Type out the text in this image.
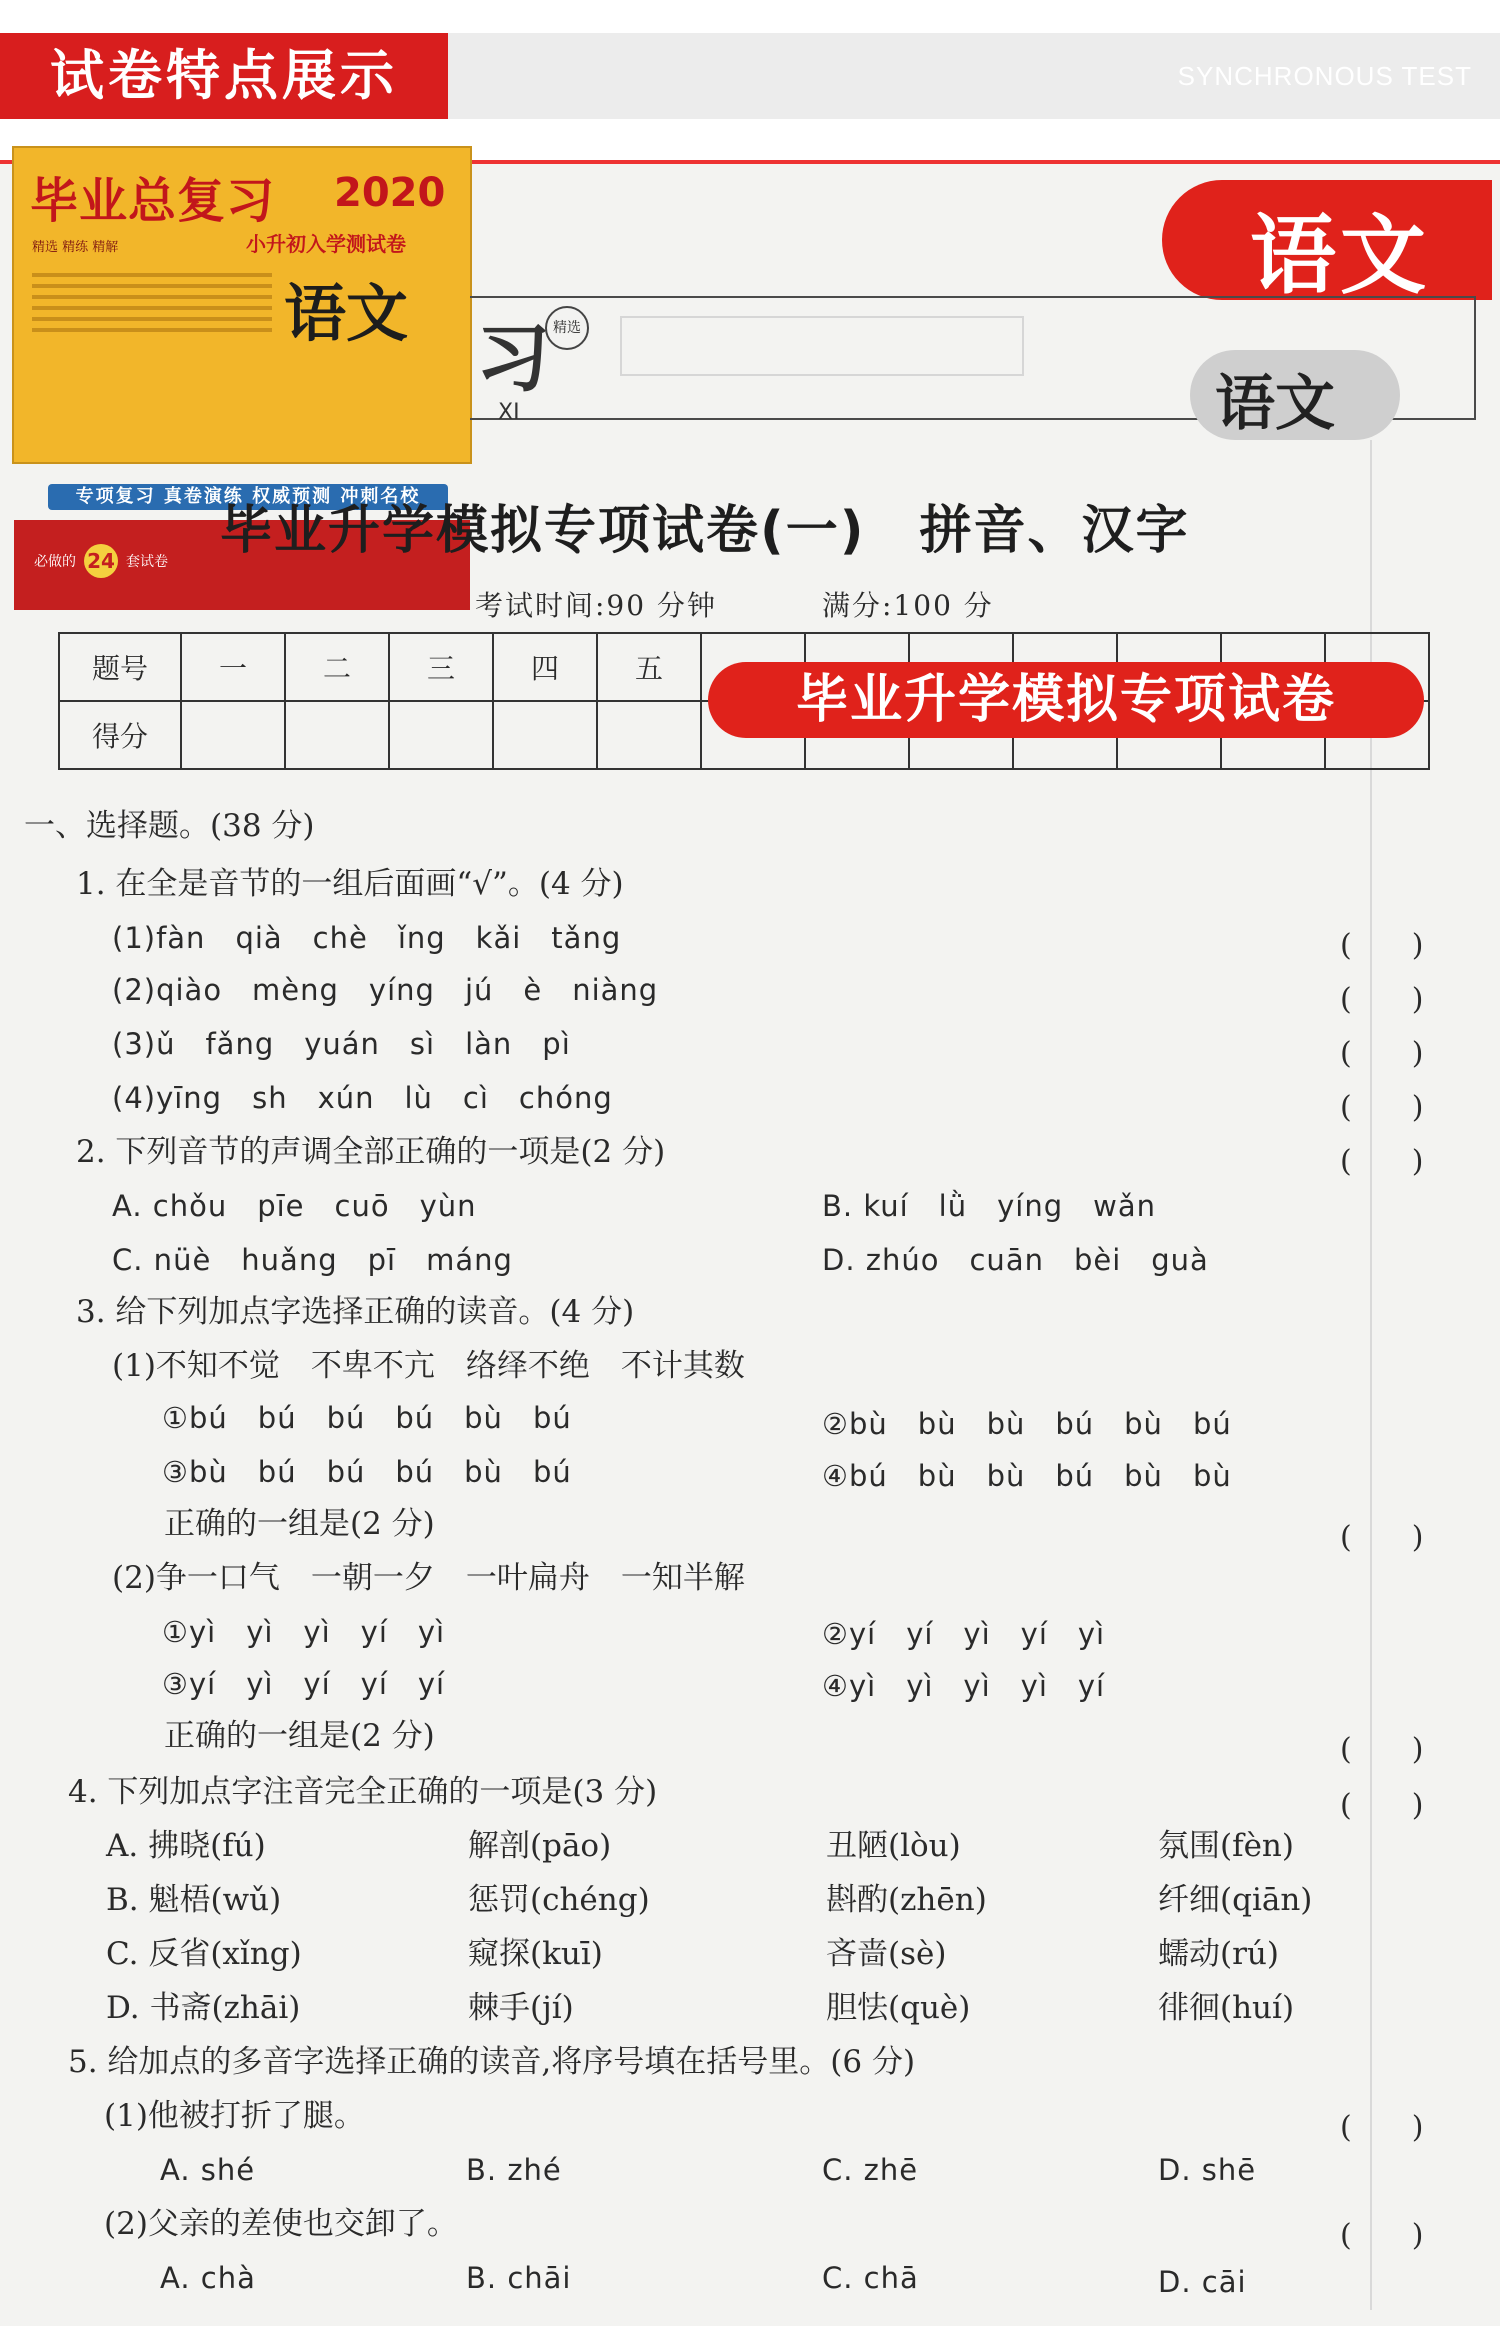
试卷特点展示	SYNCHRONOUS TEST
毕业总复习 2020
小升初入学测试卷
精选 精练 精解
语文
专项复习 真卷演练 权威预测 冲刺名校
必做的 24 套试卷
语文
习 精选
XI	语文
毕业升学模拟专项试卷(一)　拼音、汉字
考试时间:90 分钟	满分:100 分
题号	一	二	三	四	五							
得分												
毕业升学模拟专项试卷
一、选择题。(38 分)
1. 在全是音节的一组后面画“√”。(4 分)
(1)fàn　qià　chè　ǐng　kǎi　tǎng
(2)qiào　mèng　yíng　jú　è　niàng
(3)ǔ　fǎng　yuán　sì　làn　pì
(4)yīng　sh　xún　lù　cì　chóng
2. 下列音节的声调全部正确的一项是(2 分)
A. chǒu　pīe　cuō　yùn	B. kuí　lǜ　yíng　wǎn
C. nüè　huǎng　pī　máng	D. zhúo　cuān　bèi　guà
3. 给下列加点字选择正确的读音。(4 分)
(1)不知不觉　不卑不亢　络绎不绝　不计其数
①bú　bú　bú　bú　bù　bú	②bù　bù　bù　bú　bù　bú
③bù　bú　bú　bú　bù　bú	④bú　bù　bù　bú　bù　bù
正确的一组是(2 分)
(2)争一口气　一朝一夕　一叶扁舟　一知半解
①yì　yì　yì　yí　yì	②yí　yí　yì　yí　yì
③yí　yì　yí　yí　yí	④yì　yì　yì　yì　yí
正确的一组是(2 分)
4. 下列加点字注音完全正确的一项是(3 分)
A. 拂晓(fú)	解剖(pāo)	丑陋(lòu)	氛围(fèn)
B. 魁梧(wǔ)	惩罚(chéng)	斟酌(zhēn)	纤细(qiān)
C. 反省(xǐng)	窥探(kuī)	吝啬(sè)	蠕动(rú)
D. 书斋(zhāi)	棘手(jí)	胆怯(què)	徘徊(huí)
5. 给加点的多音字选择正确的读音,将序号填在括号里。(6 分)
(1)他被打折了腿。
A. shé	B. zhé	C. zhē	D. shē
(2)父亲的差使也交卸了。
A. chà	B. chāi	C. chā	D. cāi
(　　)
(　　)
(　　)
(　　)
(　　)
(　　)
(　　)
(　　)
(　　)
(　　)
